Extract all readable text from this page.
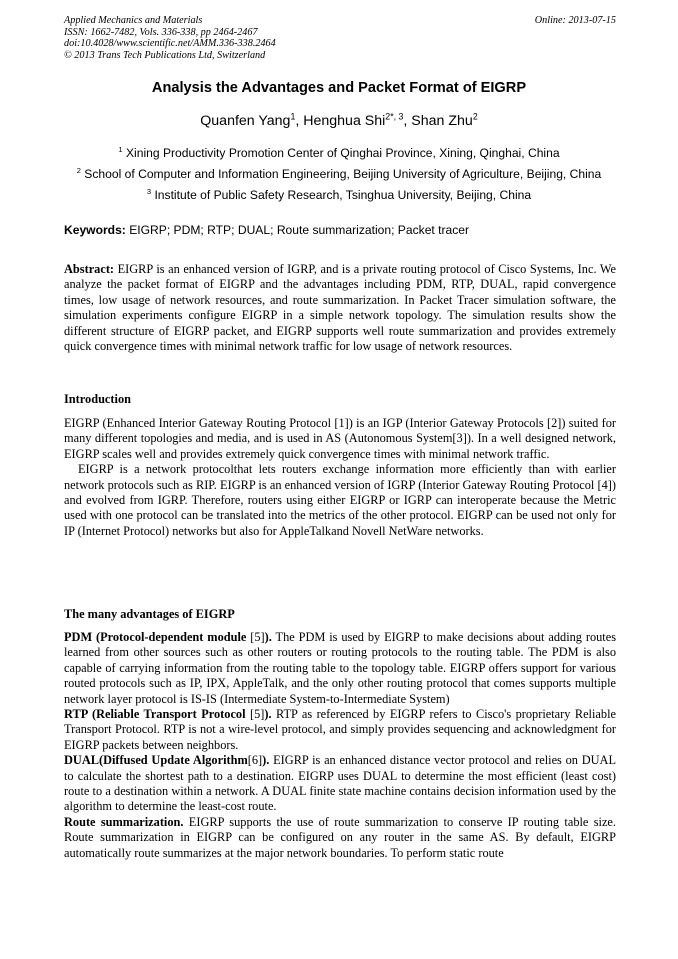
Applied Mechanics and Materials
ISSN: 1662-7482, Vols. 336-338, pp 2464-2467
doi:10.4028/www.scientific.net/AMM.336-338.2464
© 2013 Trans Tech Publications Ltd, Switzerland
Online: 2013-07-15
Analysis the Advantages and Packet Format of EIGRP
Quanfen Yang$^1$, Henghua Shi$^{2*, 3}$, Shan Zhu$^2$
$^1$ Xining Productivity Promotion Center of Qinghai Province, Xining, Qinghai, China
$^2$ School of Computer and Information Engineering, Beijing University of Agriculture, Beijing, China
$^3$ Institute of Public Safety Research, Tsinghua University, Beijing, China
Keywords: EIGRP; PDM; RTP; DUAL; Route summarization; Packet tracer

Abstract: EIGRP is an enhanced version of IGRP, and is a private routing protocol of Cisco Systems, Inc. We analyze the packet format of EIGRP and the advantages including PDM, RTP, DUAL, rapid convergence times, low usage of network resources, and route summarization. In Packet Tracer simulation software, the simulation experiments configure EIGRP in a simple network topology. The simulation results show the different structure of EIGRP packet, and EIGRP supports well route summarization and provides extremely quick convergence times with minimal network traffic for low usage of network resources.

Introduction

EIGRP (Enhanced Interior Gateway Routing Protocol [1]) is an IGP (Interior Gateway Protocols [2]) suited for many different topologies and media, and is used in AS (Autonomous System[3]). In a well designed network, EIGRP scales well and provides extremely quick convergence times with minimal network traffic.

EIGRP is a network protocolthat lets routers exchange information more efficiently than with earlier network protocols such as RIP. EIGRP is an enhanced version of IGRP (Interior Gateway Routing Protocol [4]) and evolved from IGRP. Therefore, routers using either EIGRP or IGRP can interoperate because the Metric used with one protocol can be translated into the metrics of the other protocol. EIGRP can be used not only for IP (Internet Protocol) networks but also for AppleTalkand Novell NetWare networks.

The many advantages of EIGRP

PDM (Protocol-dependent module [5]). The PDM is used by EIGRP to make decisions about adding routes learned from other sources such as other routers or routing protocols to the routing table. The PDM is also capable of carrying information from the routing table to the topology table. EIGRP offers support for various routed protocols such as IP, IPX, AppleTalk, and the only other routing protocol that comes supports multiple network layer protocol is IS-IS (Intermediate System-to-Intermediate System)

RTP (Reliable Transport Protocol [5]). RTP as referenced by EIGRP refers to Cisco's proprietary Reliable Transport Protocol. RTP is not a wire-level protocol, and simply provides sequencing and acknowledgment for EIGRP packets between neighbors.

DUAL(Diffused Update Algorithm[6]). EIGRP is an enhanced distance vector protocol and relies on DUAL to calculate the shortest path to a destination. EIGRP uses DUAL to determine the most efficient (least cost) route to a destination within a network. A DUAL finite state machine contains decision information used by the algorithm to determine the least-cost route.

Route summarization. EIGRP supports the use of route summarization to conserve IP routing table size. Route summarization in EIGRP can be configured on any router in the same AS. By default, EIGRP automatically route summarizes at the major network boundaries. To perform static route
